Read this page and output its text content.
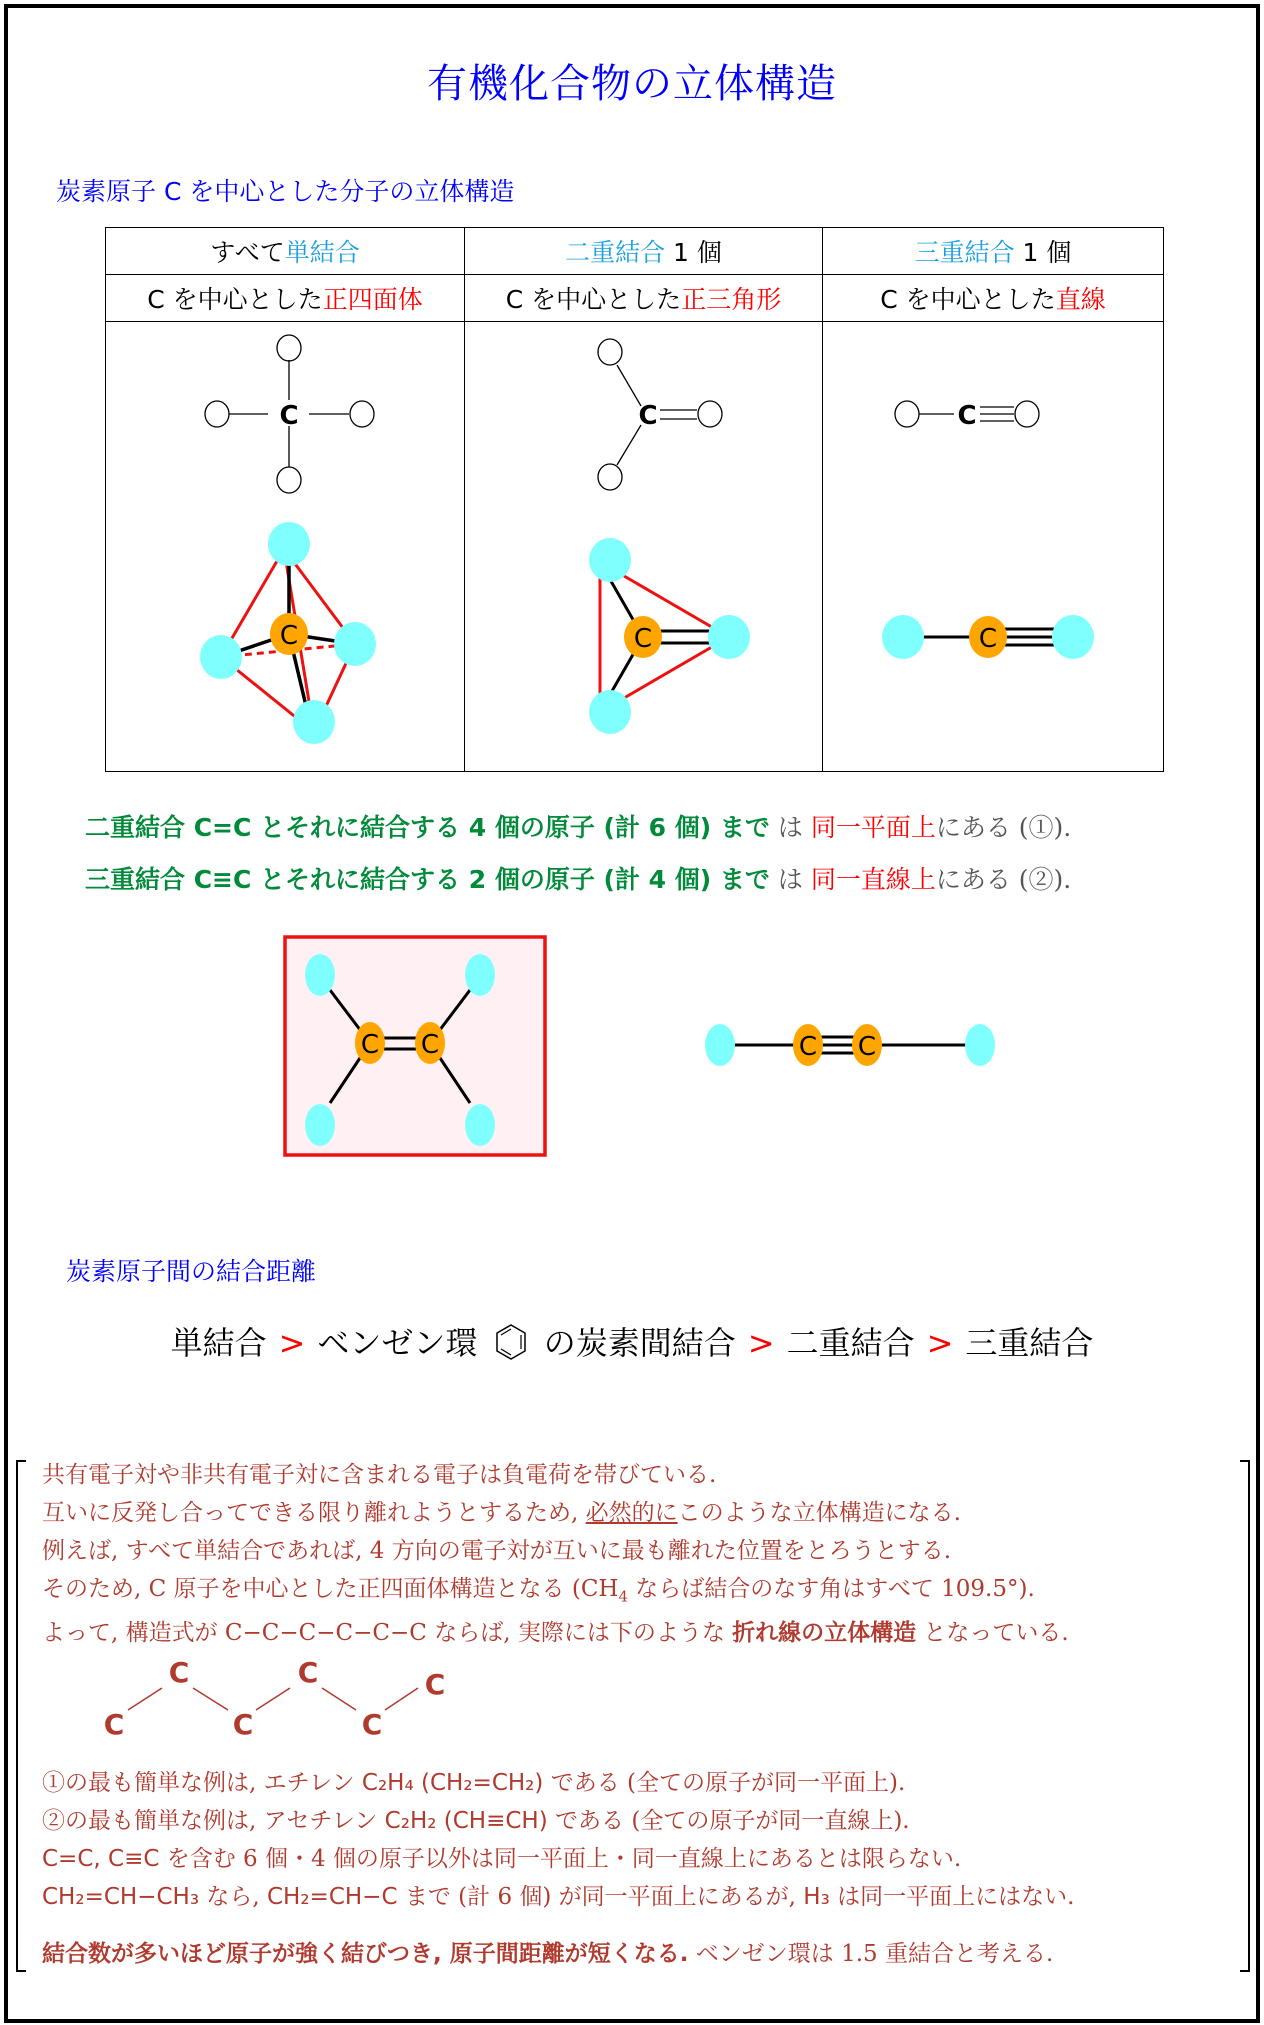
有機化合物の立体構造
炭素原子 C を中心とした分子の立体構造
すべて単結合	二重結合 1 個	三重結合 1 個
C を中心とした正四面体	C を中心とした正三角形	C を中心とした直線

C
C	C
C	C
C
二重結合 C=C とそれに結合する 4 個の原子 (計 6 個) まで は 同一平面上にある (①).
三重結合 C≡C とそれに結合する 2 個の原子 (計 4 個) まで は 同一直線上にある (②).
C C	C C
炭素原子間の結合距離
単結合 > ベンゼン環 の炭素間結合 > 二重結合 > 三重結合
共有電子対や非共有電子対に含まれる電子は負電荷を帯びている.
互いに反発し合ってできる限り離れようとするため, 必然的にこのような立体構造になる.
例えば, すべて単結合であれば, 4 方向の電子対が互いに最も離れた位置をとろうとする.
そのため, C 原子を中心とした正四面体構造となる ($CH_4$ ならば結合のなす角はすべて 109.5°).
よって, 構造式が C−C−C−C−C−C ならば, 実際には下のような 折れ線の立体構造 となっている.
C
C
C
C
C
C
①の最も簡単な例は, エチレン C₂H₄ (CH₂=CH₂) である (全ての原子が同一平面上).
②の最も簡単な例は, アセチレン C₂H₂ (CH≡CH) である (全ての原子が同一直線上).
C=C, C≡C を含む 6 個・4 個の原子以外は同一平面上・同一直線上にあるとは限らない.
CH₂=CH−CH₃ なら, CH₂=CH−C まで (計 6 個) が同一平面上にあるが, H₃ は同一平面上にはない.
結合数が多いほど原子が強く結びつき, 原子間距離が短くなる. ベンゼン環は 1.5 重結合と考える.
